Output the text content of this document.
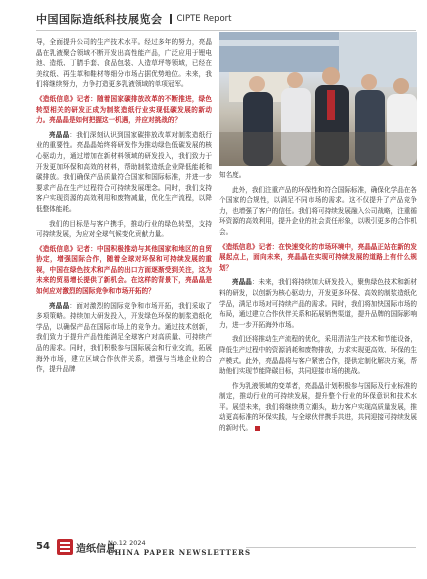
中国国际造纸科技展览会 CIPTE Report

导，全面提升公司的生产技术水平。经过多年的努力，亮晶晶在乳液聚合领域不断开发出高性能产品，广泛应用于锂电池、造纸、丁腈手套、食品包装、人造草坪等领域，已经在美纹纸、再生革和鞋材等细分市场占据优势地位。未来，我们将继续努力，力争打造更多乳液领域的单项冠军。

《造纸信息》记者：随着国家碳排放改革的不断推进，绿色转型相关的研发正成为制浆造纸行业实现低碳发展的新动力。亮晶晶是如何把握这一机遇，并应对挑战的？

亮晶晶：我们深刻认识到国家碳排放改革对制浆造纸行业的重要性。亮晶晶始终将研发作为推动绿色低碳发展的核心驱动力，通过增加在新材料领域的研发投入，我们致力于开发更加环保和高效的材料，帮助制浆造纸企业降低能耗和碳排放。我们确保产品质量符合国家和国际标准，并进一步要求产品在生产过程符合可持续发展理念。同时，我们支持客户实现资源的高效利用和废物减量，优化生产流程，以降低整体能耗。

我们的目标是与客户携手，推动行业的绿色转型，支持可持续发展，为应对全球气候变化贡献力量。

《造纸信息》记者：中国积极推动与其他国家和地区的自贸协定，增强国际合作，随着全球对环保和可持续发展的重视，中国在绿色技术和产品的出口方面逐渐受到关注，这为未来的贸易增长提供了新机会。在这样的背景下，亮晶晶是如何应对激烈的国际竞争和市场开拓的？

亮晶晶：面对激烈的国际竞争和市场开拓，我们采取了多项策略。持续加大研发投入，开发绿色环保的制浆造纸化学品，以确保产品在国际市场上的竞争力。通过技术创新，我们致力于提升产品性能满足全球客户对高质量、可持续产品的需求。同时，我们积极参与国际展会和行业交流，拓展海外市场，建立区域合作伙伴关系，增强与当地企业的合作，提升品牌

知名度。

此外，我们注重产品的环保性和符合国际标准，确保化学品在各个国家的合规性，以满足不同市场的需求。这不仅提升了产品竞争力，也增强了客户的信任。我们将可持续发展融入公司战略，注重循环资源的高效利用，提升企业的社会责任形象，以吸引更多的合作机会。

《造纸信息》记者：在快速变化的市场环境中，亮晶晶正站在新的发展起点上，面向未来，亮晶晶在实现可持续发展的道路上有什么规划？

亮晶晶：未来，我们将持续加大研发投入，聚焦绿色技术和新材料的研发，以创新为核心驱动力，开发更多环保、高效的制浆造纸化学品，满足市场对可持续产品的需求。同时，我们将加快国际市场的布局，通过建立合作伙伴关系和拓展销售渠道，提升品牌的国际影响力，进一步开拓海外市场。

我们还将推动生产流程的优化，采用清洁生产技术和节能设备，降低生产过程中的资源消耗和废物排放，力求实现更高效、环保的生产模式。此外，亮晶晶将与客户紧密合作，提供定制化解决方案，帮助他们实现节能降碳目标，共同迎接市场的挑战。

作为乳液领域的变革者，亮晶晶计划积极参与国际及行业标准的制定，推动行业的可持续发展，提升整个行业的环保意识和技术水平。展望未来，我们将继续勇立潮头，助力客户实现高质量发展，推动更高标准的环保实践，与全球伙伴携手共进，共同迎接可持续发展的新时代。

54	造纸信息
No.12 2024
CHINA PAPER NEWSLETTERS
